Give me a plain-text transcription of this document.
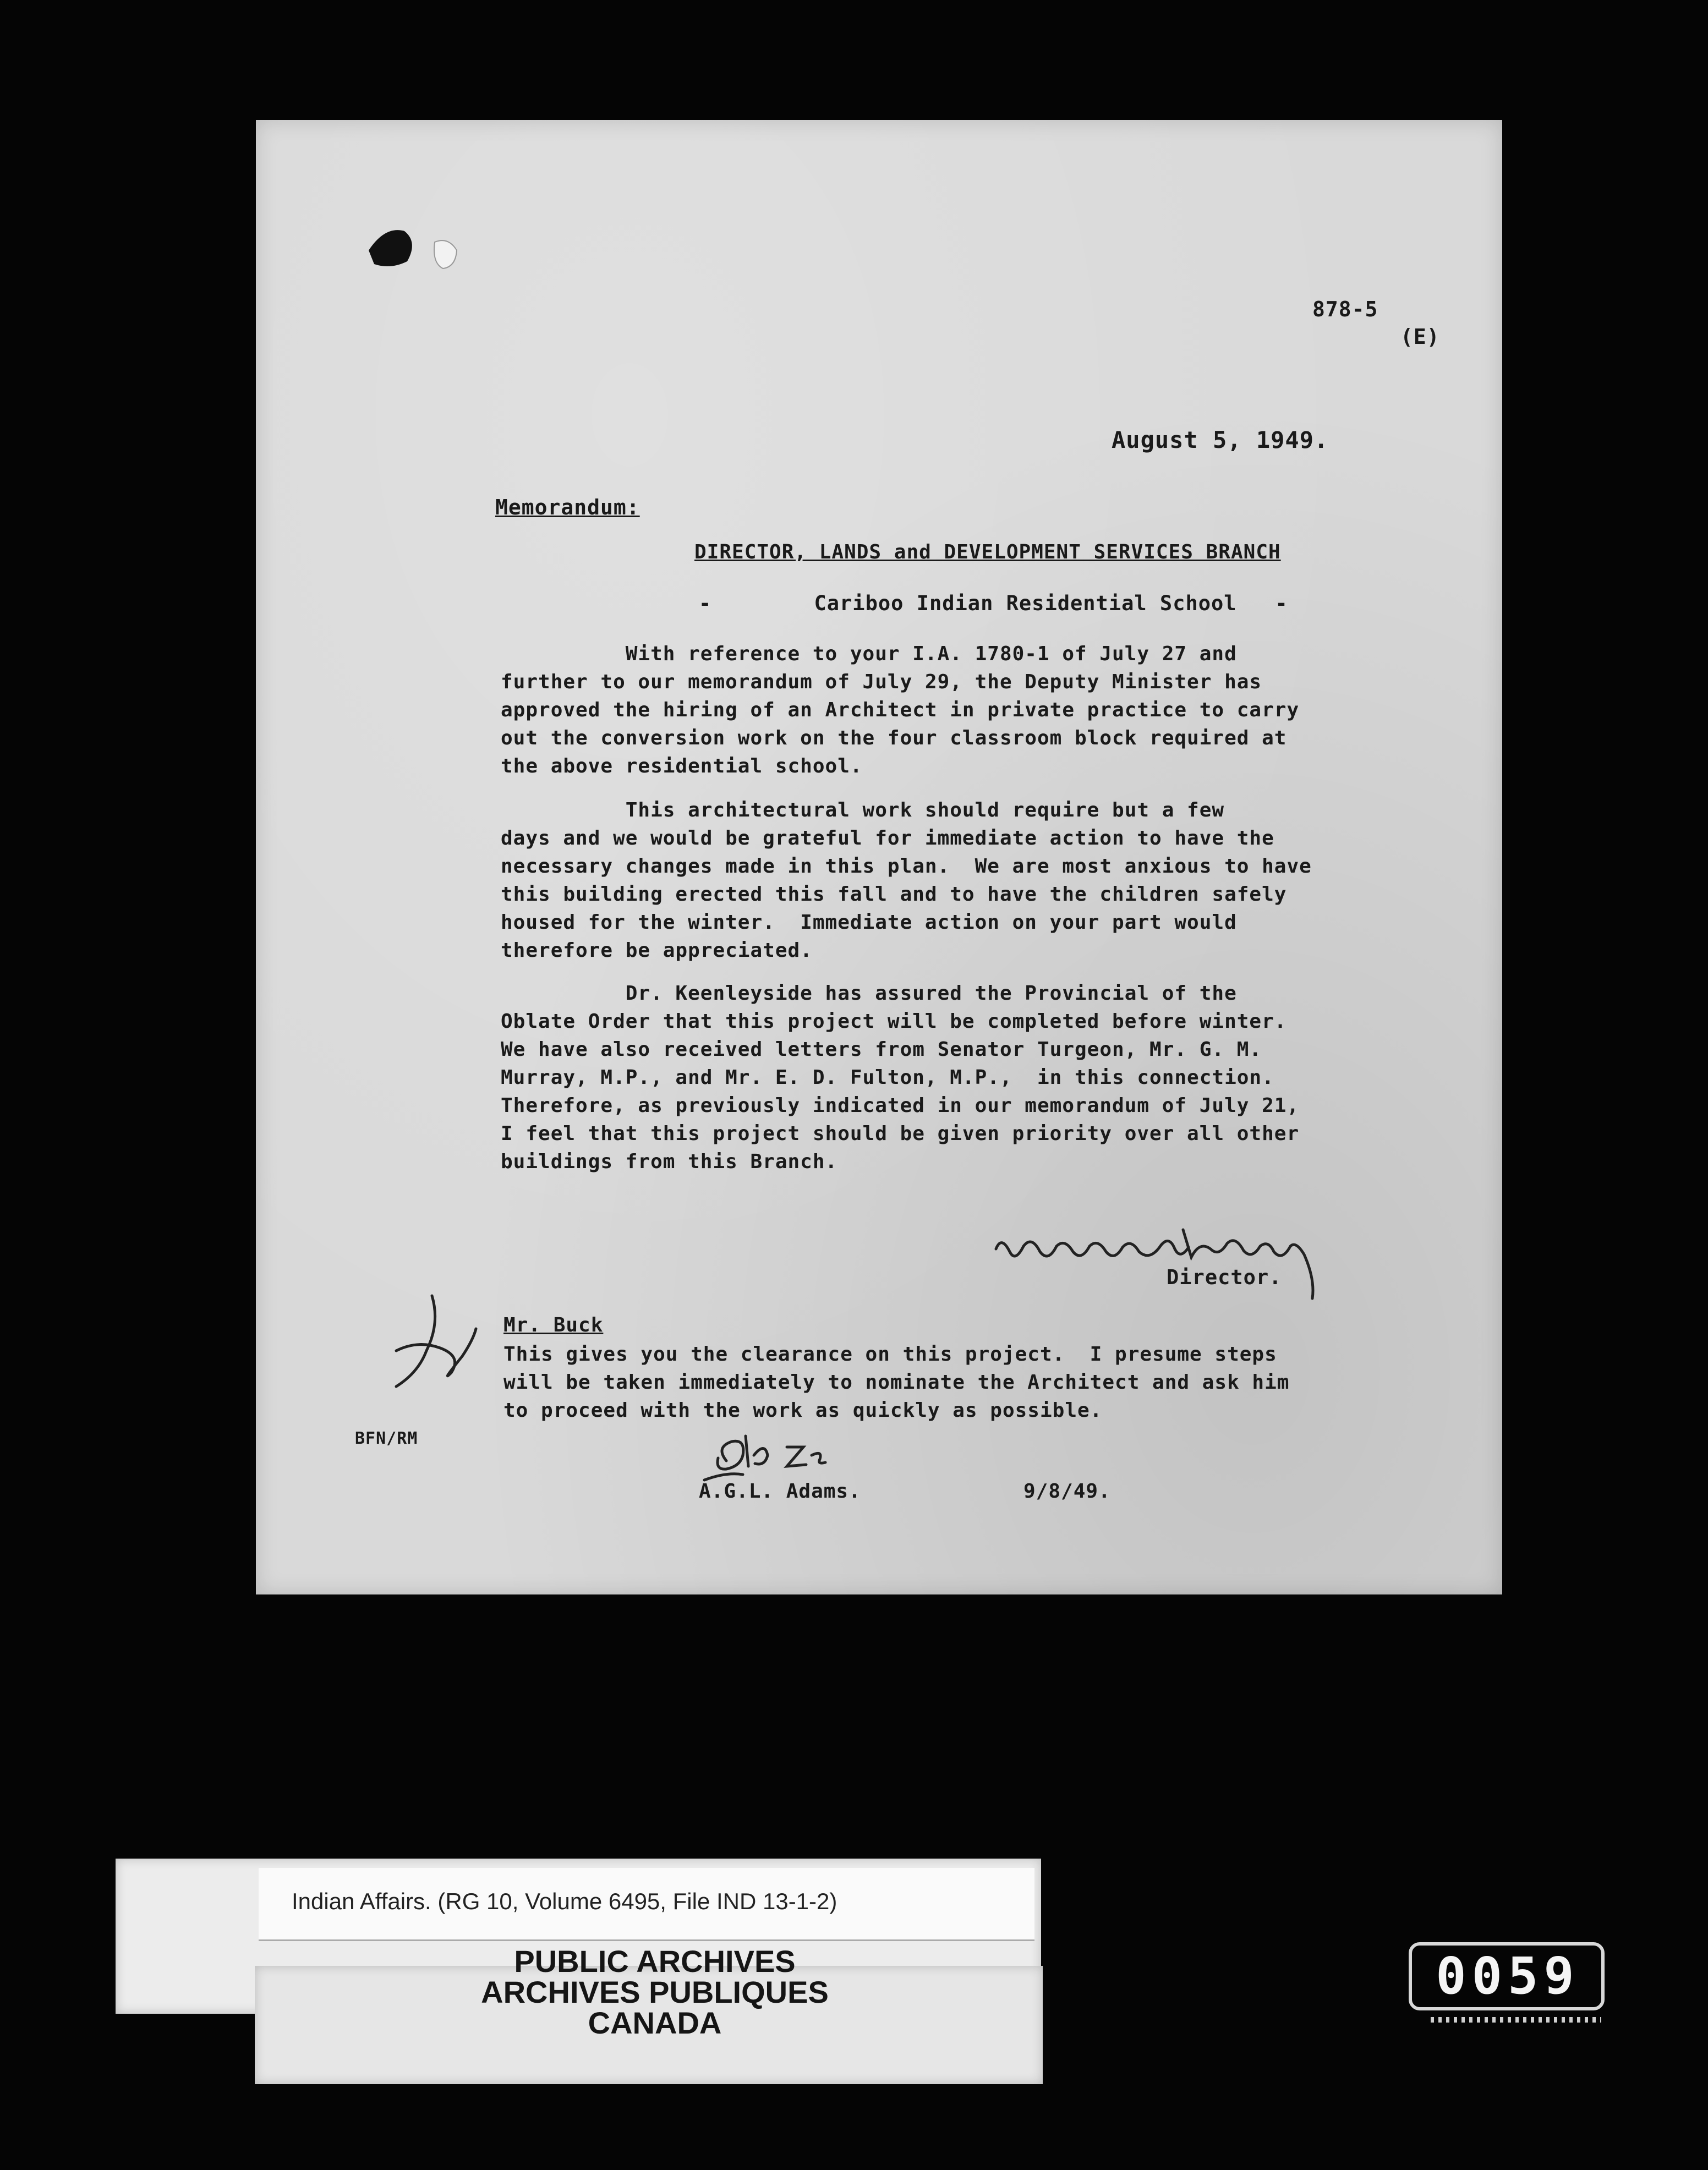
878-5
(E)
August 5, 1949.
Memorandum:
DIRECTOR, LANDS and DEVELOPMENT SERVICES BRANCH
-        Cariboo Indian Residential School   -
With reference to your I.A. 1780-1 of July 27 and
further to our memorandum of July 29, the Deputy Minister has
approved the hiring of an Architect in private practice to carry
out the conversion work on the four classroom block required at
the above residential school.
This architectural work should require but a few
days and we would be grateful for immediate action to have the
necessary changes made in this plan.  We are most anxious to have
this building erected this fall and to have the children safely
housed for the winter.  Immediate action on your part would
therefore be appreciated.
Dr. Keenleyside has assured the Provincial of the
Oblate Order that this project will be completed before winter.
We have also received letters from Senator Turgeon, Mr. G. M.
Murray, M.P., and Mr. E. D. Fulton, M.P.,  in this connection.
Therefore, as previously indicated in our memorandum of July 21,
I feel that this project should be given priority over all other
buildings from this Branch.
Director.
Mr. Buck
This gives you the clearance on this project.  I presume steps
will be taken immediately to nominate the Architect and ask him
to proceed with the work as quickly as possible.
BFN/RM
A.G.L. Adams.	9/8/49.
Indian Affairs. (RG 10, Volume 6495, File IND 13-1-2)
PUBLIC ARCHIVES
ARCHIVES PUBLIQUES
CANADA
0059
